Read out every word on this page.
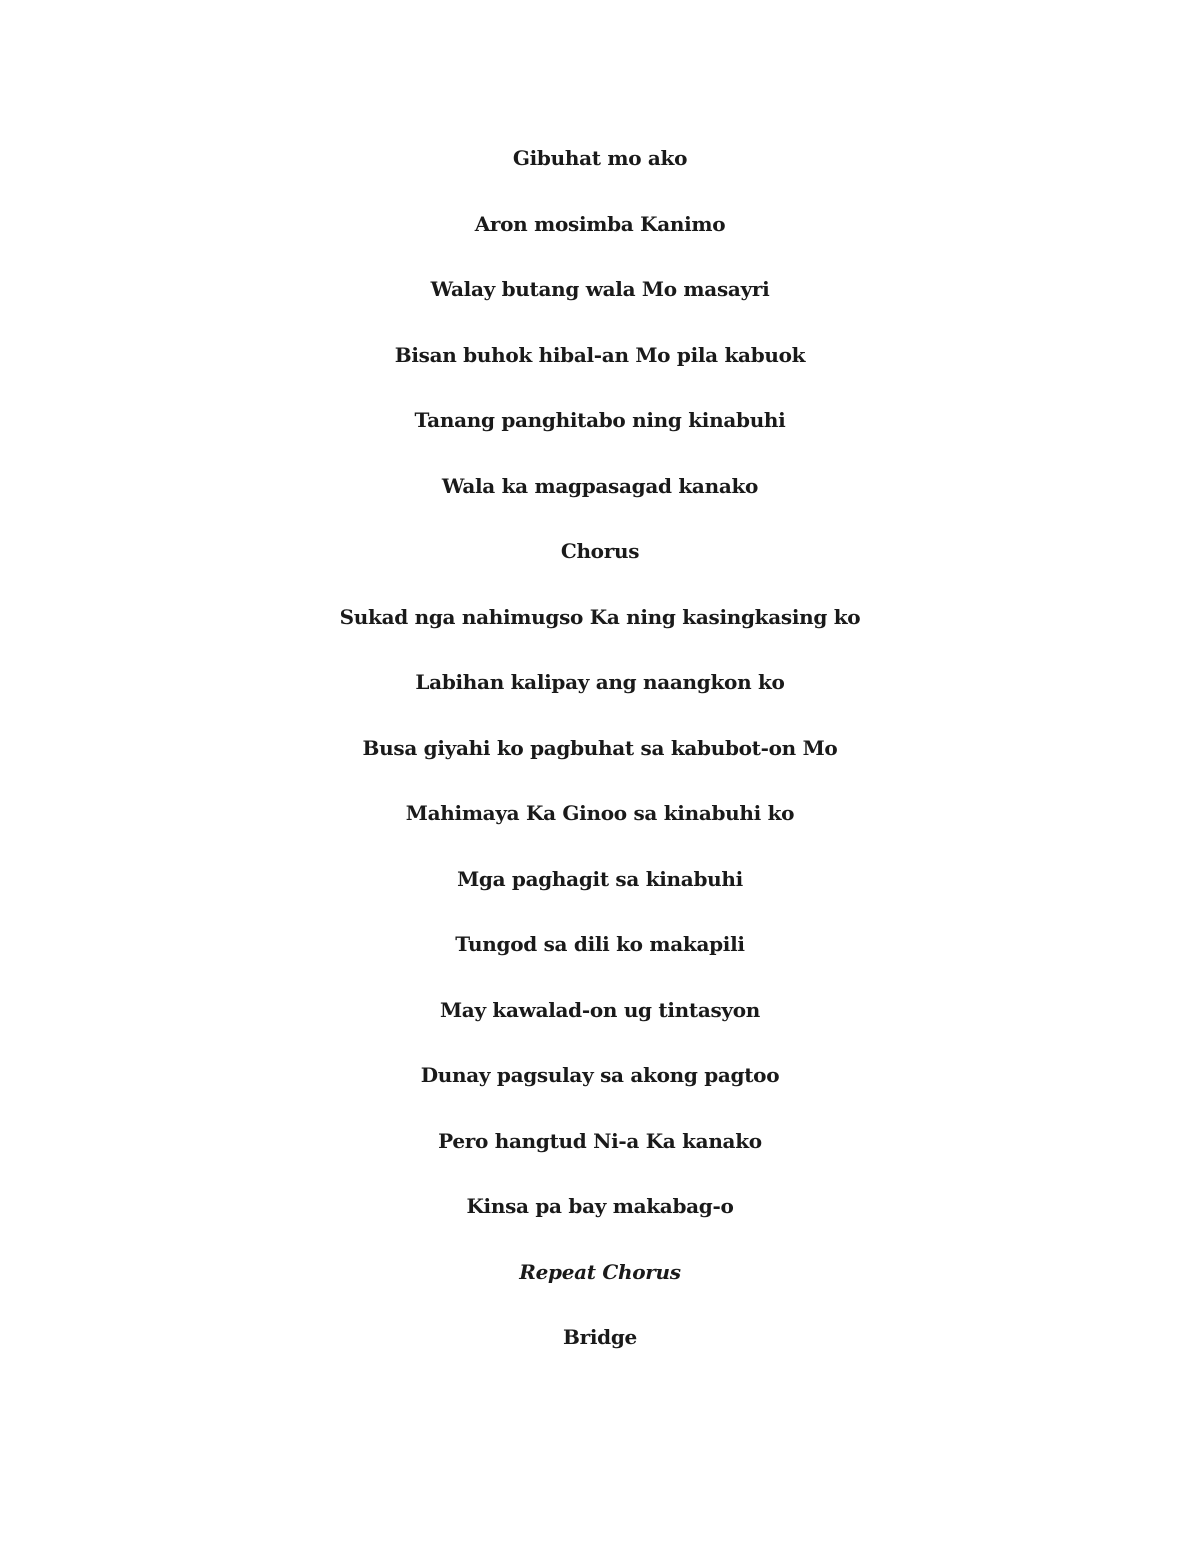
Gibuhat mo ako
Aron mosimba Kanimo
Walay butang wala Mo masayri
Bisan buhok hibal-an Mo pila kabuok
Tanang panghitabo ning kinabuhi
Wala ka magpasagad kanako
Chorus
Sukad nga nahimugso Ka ning kasingkasing ko
Labihan kalipay ang naangkon ko
Busa giyahi ko pagbuhat sa kabubot-on Mo
Mahimaya Ka Ginoo sa kinabuhi ko
Mga paghagit sa kinabuhi
Tungod sa dili ko makapili
May kawalad-on ug tintasyon
Dunay pagsulay sa akong pagtoo
Pero hangtud Ni-a Ka kanako
Kinsa pa bay makabag-o
Repeat Chorus
Bridge
